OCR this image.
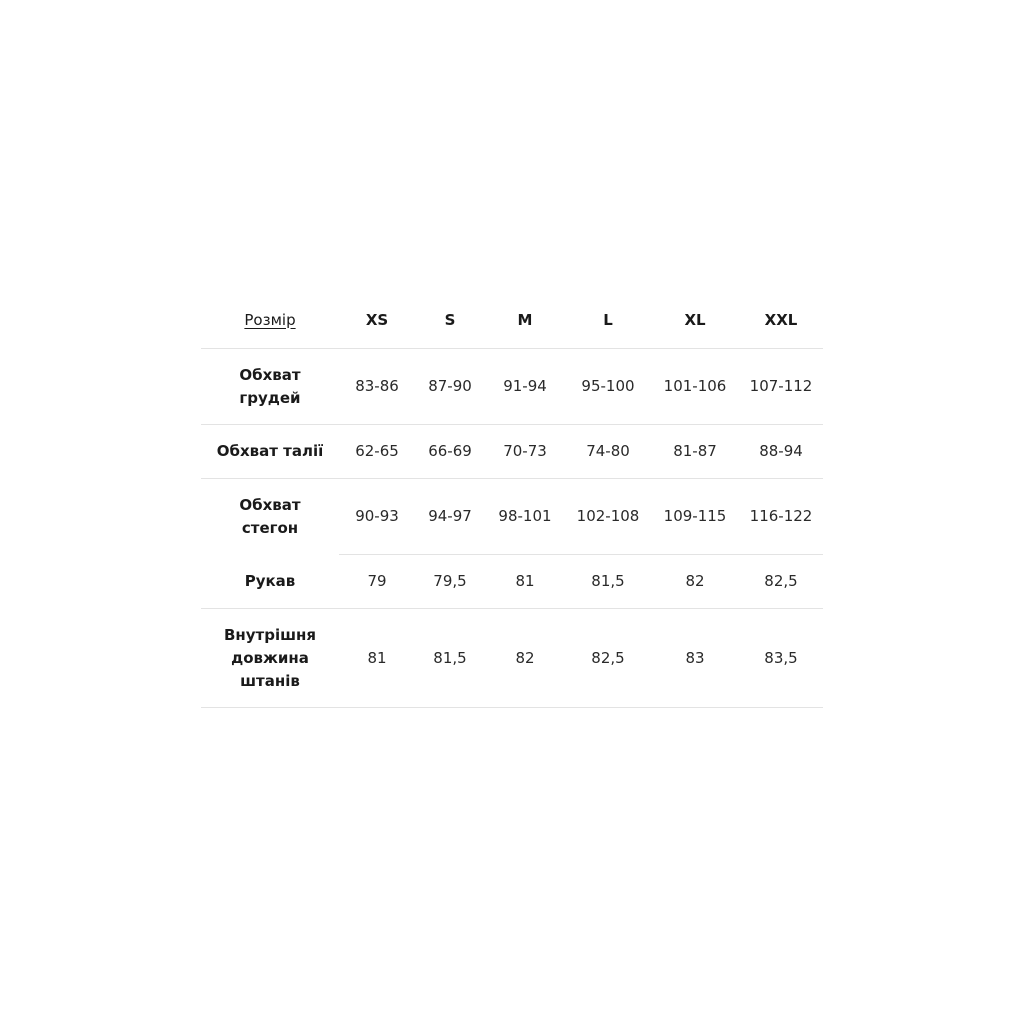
Розмір	XS	S	M	L	XL	XXL
Обхват грудей	83-86	87-90	91-94	95-100	101-106	107-112
Обхват талії	62-65	66-69	70-73	74-80	81-87	88-94
Обхват стегон	90-93	94-97	98-101	102-108	109-115	116-122
Рукав	79	79,5	81	81,5	82	82,5
Внутрішня довжина штанів	81	81,5	82	82,5	83	83,5
